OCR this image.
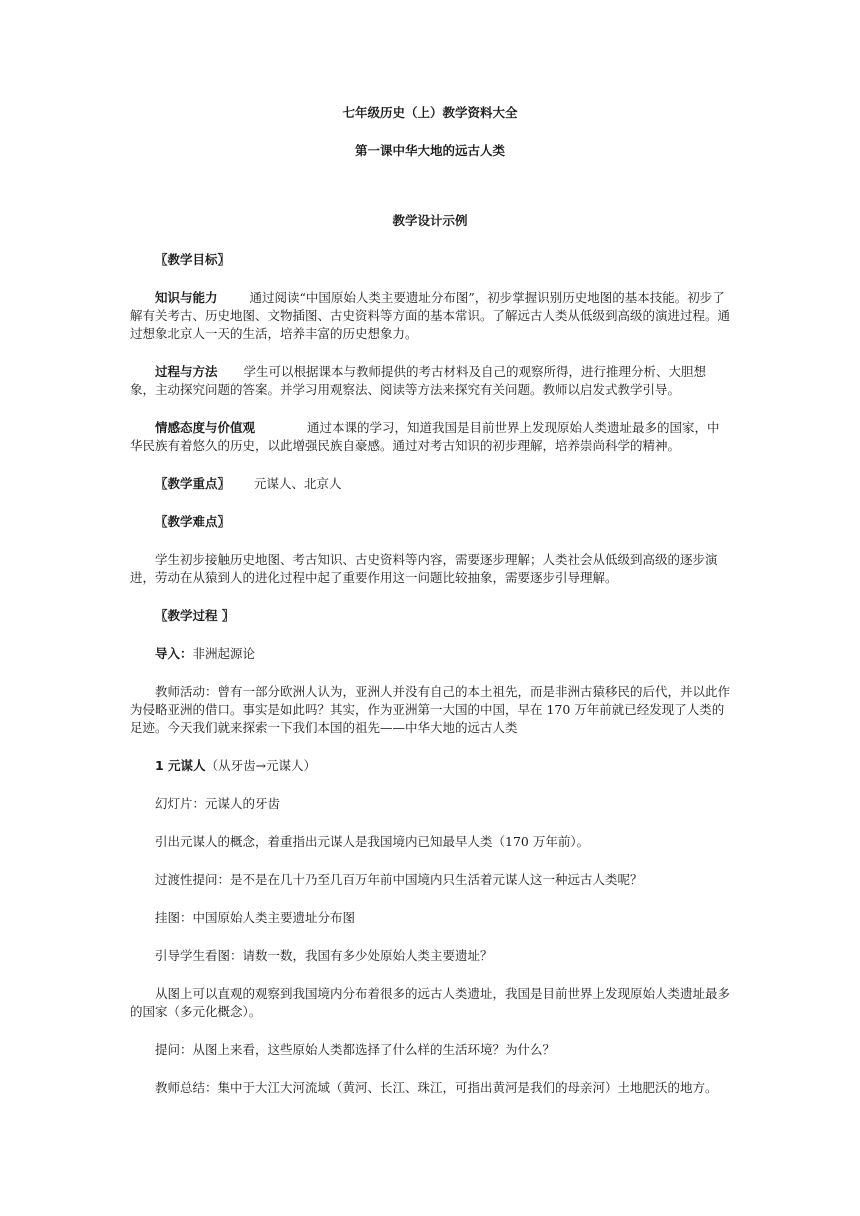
七年级历史（上）教学资料大全
第一课中华大地的远古人类
教学设计示例

〖教学目标〗

知识与能力	通过阅读“中国原始人类主要遗址分布图”，初步掌握识别历史地图的基本技能。初步了解有关考古、历史地图、文物插图、古史资料等方面的基本常识。了解远古人类从低级到高级的演进过程。通过想象北京人一天的生活，培养丰富的历史想象力。

过程与方法 学生可以根据课本与教师提供的考古材料及自己的观察所得，进行推理分析、大胆想象，主动探究问题的答案。并学习用观察法、阅读等方法来探究有关问题。教师以启发式教学引导。

情感态度与价值观	通过本课的学习，知道我国是目前世界上发现原始人类遗址最多的国家，中华民族有着悠久的历史，以此增强民族自豪感。通过对考古知识的初步理解，培养崇尚科学的精神。

〖教学重点〗 元谋人、北京人

〖教学难点〗

学生初步接触历史地图、考古知识、古史资料等内容，需要逐步理解；人类社会从低级到高级的逐步演进，劳动在从猿到人的进化过程中起了重要作用这一问题比较抽象，需要逐步引导理解。

〖教学过程 〗

导入：非洲起源论

教师活动：曾有一部分欧洲人认为，亚洲人并没有自己的本土祖先，而是非洲古猿移民的后代，并以此作为侵略亚洲的借口。事实是如此吗？其实，作为亚洲第一大国的中国，早在 170 万年前就已经发现了人类的足迹。今天我们就来探索一下我们本国的祖先——中华大地的远古人类

1 元谋人（从牙齿→元谋人）

幻灯片：元谋人的牙齿

引出元谋人的概念，着重指出元谋人是我国境内已知最早人类（170 万年前）。

过渡性提问：是不是在几十乃至几百万年前中国境内只生活着元谋人这一种远古人类呢？

挂图：中国原始人类主要遗址分布图

引导学生看图：请数一数，我国有多少处原始人类主要遗址？

从图上可以直观的观察到我国境内分布着很多的远古人类遗址，我国是目前世界上发现原始人类遗址最多的国家（多元化概念）。

提问：从图上来看，这些原始人类都选择了什么样的生活环境？为什么？

教师总结：集中于大江大河流域（黄河、长江、珠江，可指出黄河是我们的母亲河）土地肥沃的地方。
